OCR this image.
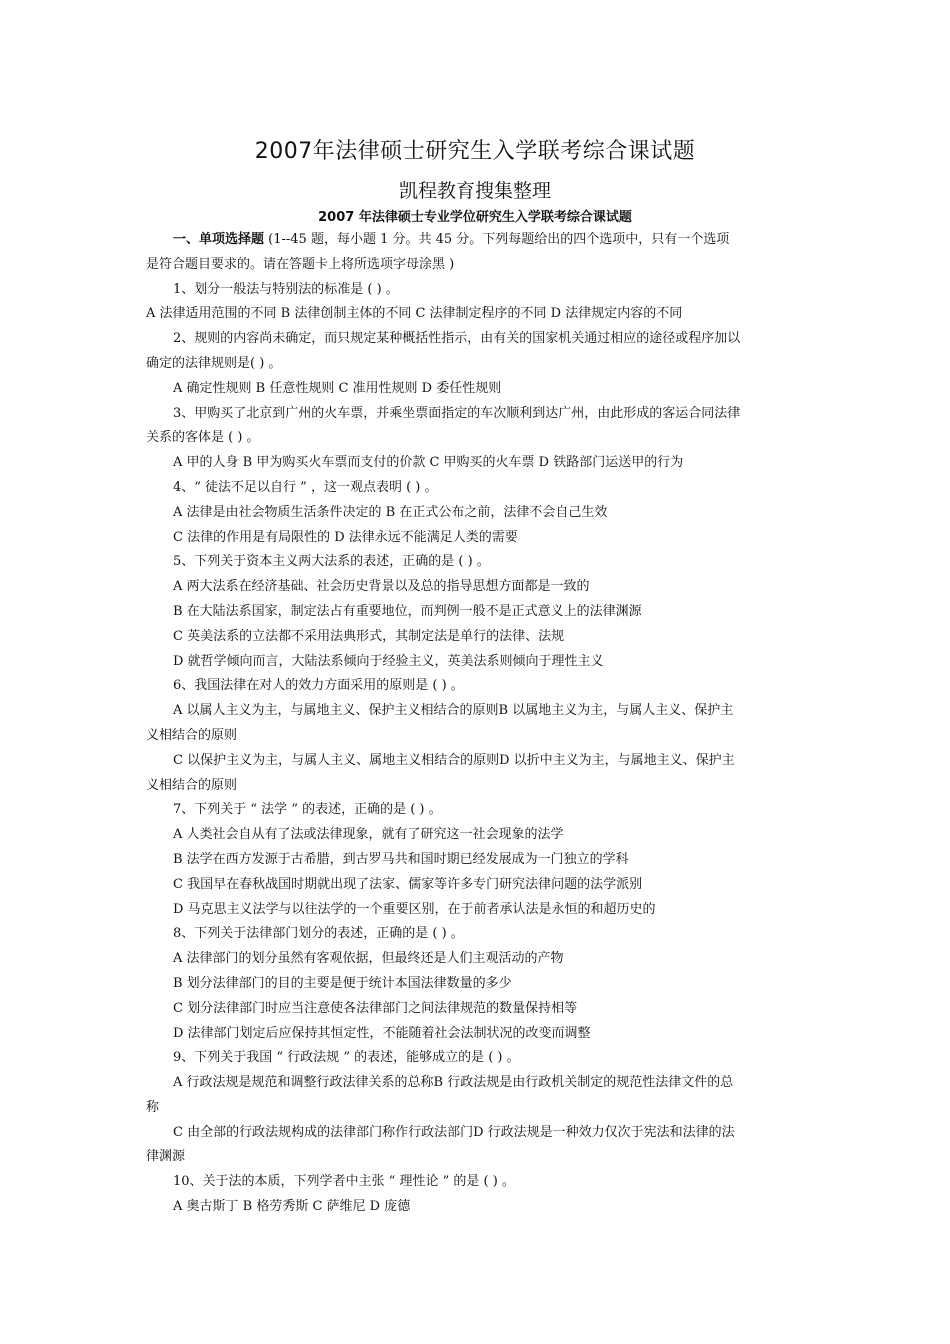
2007年法律硕士研究生入学联考综合课试题
凯程教育搜集整理
2007 年法律硕士专业学位研究生入学联考综合课试题
一、单项选择题 (1--45 题，每小题 1 分。共 45 分。下列每题给出的四个选项中，只有一个选项
是符合题目要求的。请在答题卡上将所选项字母涂黑 )
1、划分一般法与特别法的标准是 ( ) 。
A 法律适用范围的不同 B 法律创制主体的不同 C 法律制定程序的不同 D 法律规定内容的不同
2、规则的内容尚未确定，而只规定某种概括性指示，由有关的国家机关通过相应的途径或程序加以
确定的法律规则是( ) 。
A 确定性规则 B 任意性规则 C 准用性规则 D 委任性规则
3、甲购买了北京到广州的火车票，并乘坐票面指定的车次顺利到达广州，由此形成的客运合同法律
关系的客体是 ( ) 。
A 甲的人身 B 甲为购买火车票而支付的价款 C 甲购买的火车票 D 铁路部门运送甲的行为
4、“ 徒法不足以自行 ” ，这一观点表明 ( ) 。
A 法律是由社会物质生活条件决定的 B 在正式公布之前，法律不会自己生效
C 法律的作用是有局限性的 D 法律永远不能满足人类的需要
5、下列关于资本主义两大法系的表述，正确的是 ( ) 。
A 两大法系在经济基础、社会历史背景以及总的指导思想方面都是一致的
B 在大陆法系国家，制定法占有重要地位，而判例一般不是正式意义上的法律渊源
C 英美法系的立法都不采用法典形式，其制定法是单行的法律、法规
D 就哲学倾向而言，大陆法系倾向于经验主义，英美法系则倾向于理性主义
6、我国法律在对人的效力方面采用的原则是 ( ) 。
A 以属人主义为主，与属地主义、保护主义相结合的原则B 以属地主义为主，与属人主义、保护主
义相结合的原则
C 以保护主义为主，与属人主义、属地主义相结合的原则D 以折中主义为主，与属地主义、保护主
义相结合的原则
7、下列关于 “ 法学 ” 的表述，正确的是 ( ) 。
A 人类社会自从有了法或法律现象，就有了研究这一社会现象的法学
B 法学在西方发源于古希腊，到古罗马共和国时期已经发展成为一门独立的学科
C 我国早在春秋战国时期就出现了法家、儒家等许多专门研究法律问题的法学派别
D 马克思主义法学与以往法学的一个重要区别，在于前者承认法是永恒的和超历史的
8、下列关于法律部门划分的表述，正确的是 ( ) 。
A 法律部门的划分虽然有客观依据，但最终还是人们主观活动的产物
B 划分法律部门的目的主要是便于统计本国法律数量的多少
C 划分法律部门时应当注意使各法律部门之间法律规范的数量保持相等
D 法律部门划定后应保持其恒定性，不能随着社会法制状况的改变而调整
9、下列关于我国 “ 行政法规 ” 的表述，能够成立的是 ( ) 。
A 行政法规是规范和调整行政法律关系的总称B 行政法规是由行政机关制定的规范性法律文件的总
称
C 由全部的行政法规构成的法律部门称作行政法部门D 行政法规是一种效力仅次于宪法和法律的法
律渊源
10、关于法的本质，下列学者中主张 “ 理性论 ” 的是 ( ) 。
A 奥古斯丁 B 格劳秀斯 C 萨维尼 D 庞德
